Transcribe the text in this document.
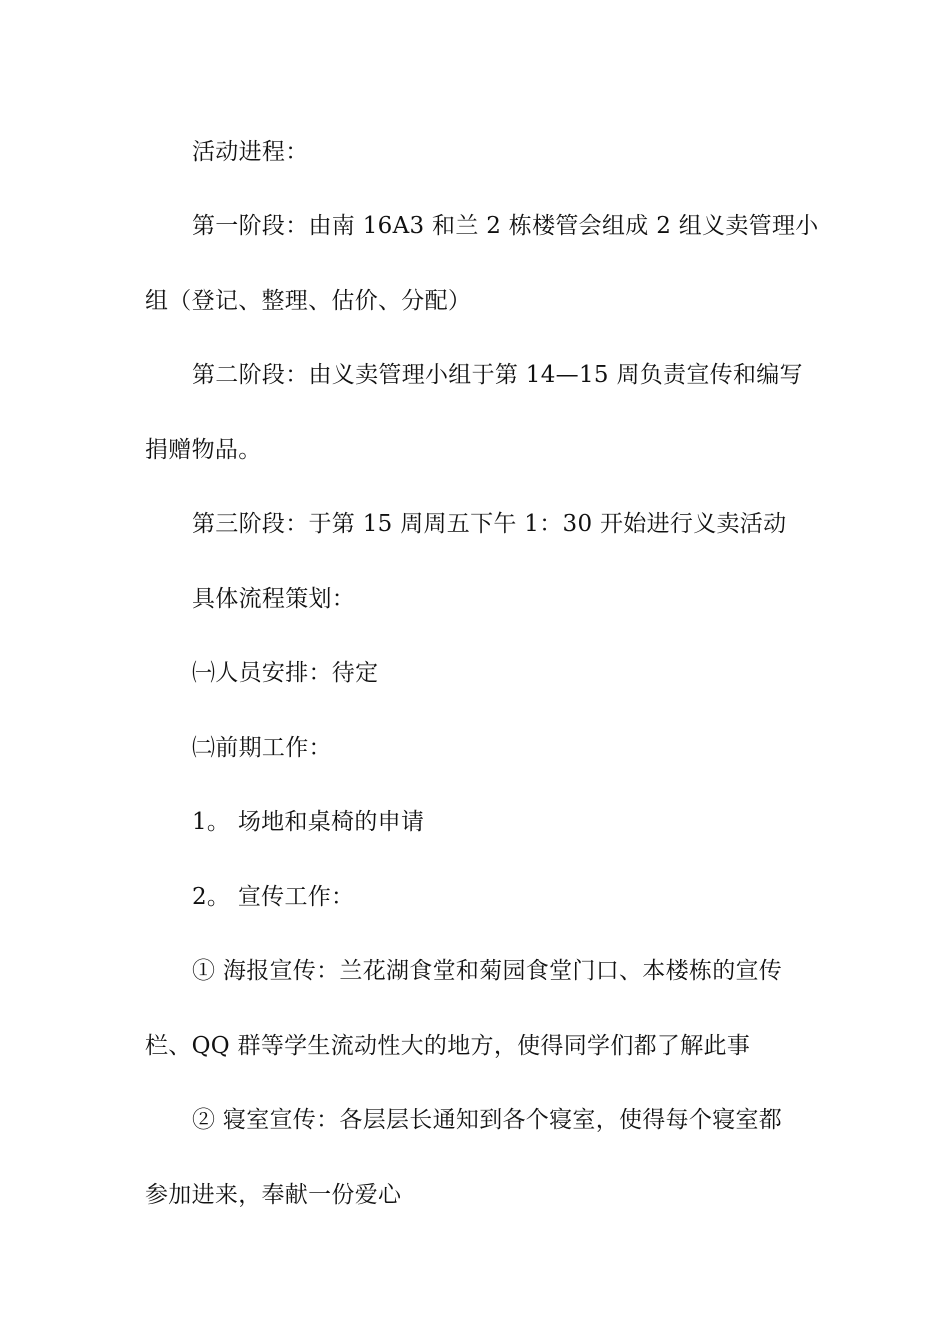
活动进程：
第一阶段：由南 16A3 和兰 2 栋楼管会组成 2 组义卖管理小
组（登记、整理、估价、分配）
第二阶段：由义卖管理小组于第 14—15 周负责宣传和编写
捐赠物品。
第三阶段：于第 15 周周五下午 1：30 开始进行义卖活动
具体流程策划：
㈠人员安排：待定
㈡前期工作：
1。 场地和桌椅的申请
2。 宣传工作：
① 海报宣传：兰花湖食堂和菊园食堂门口、本楼栋的宣传
栏、QQ 群等学生流动性大的地方，使得同学们都了解此事
② 寝室宣传：各层层长通知到各个寝室，使得每个寝室都
参加进来，奉献一份爱心
